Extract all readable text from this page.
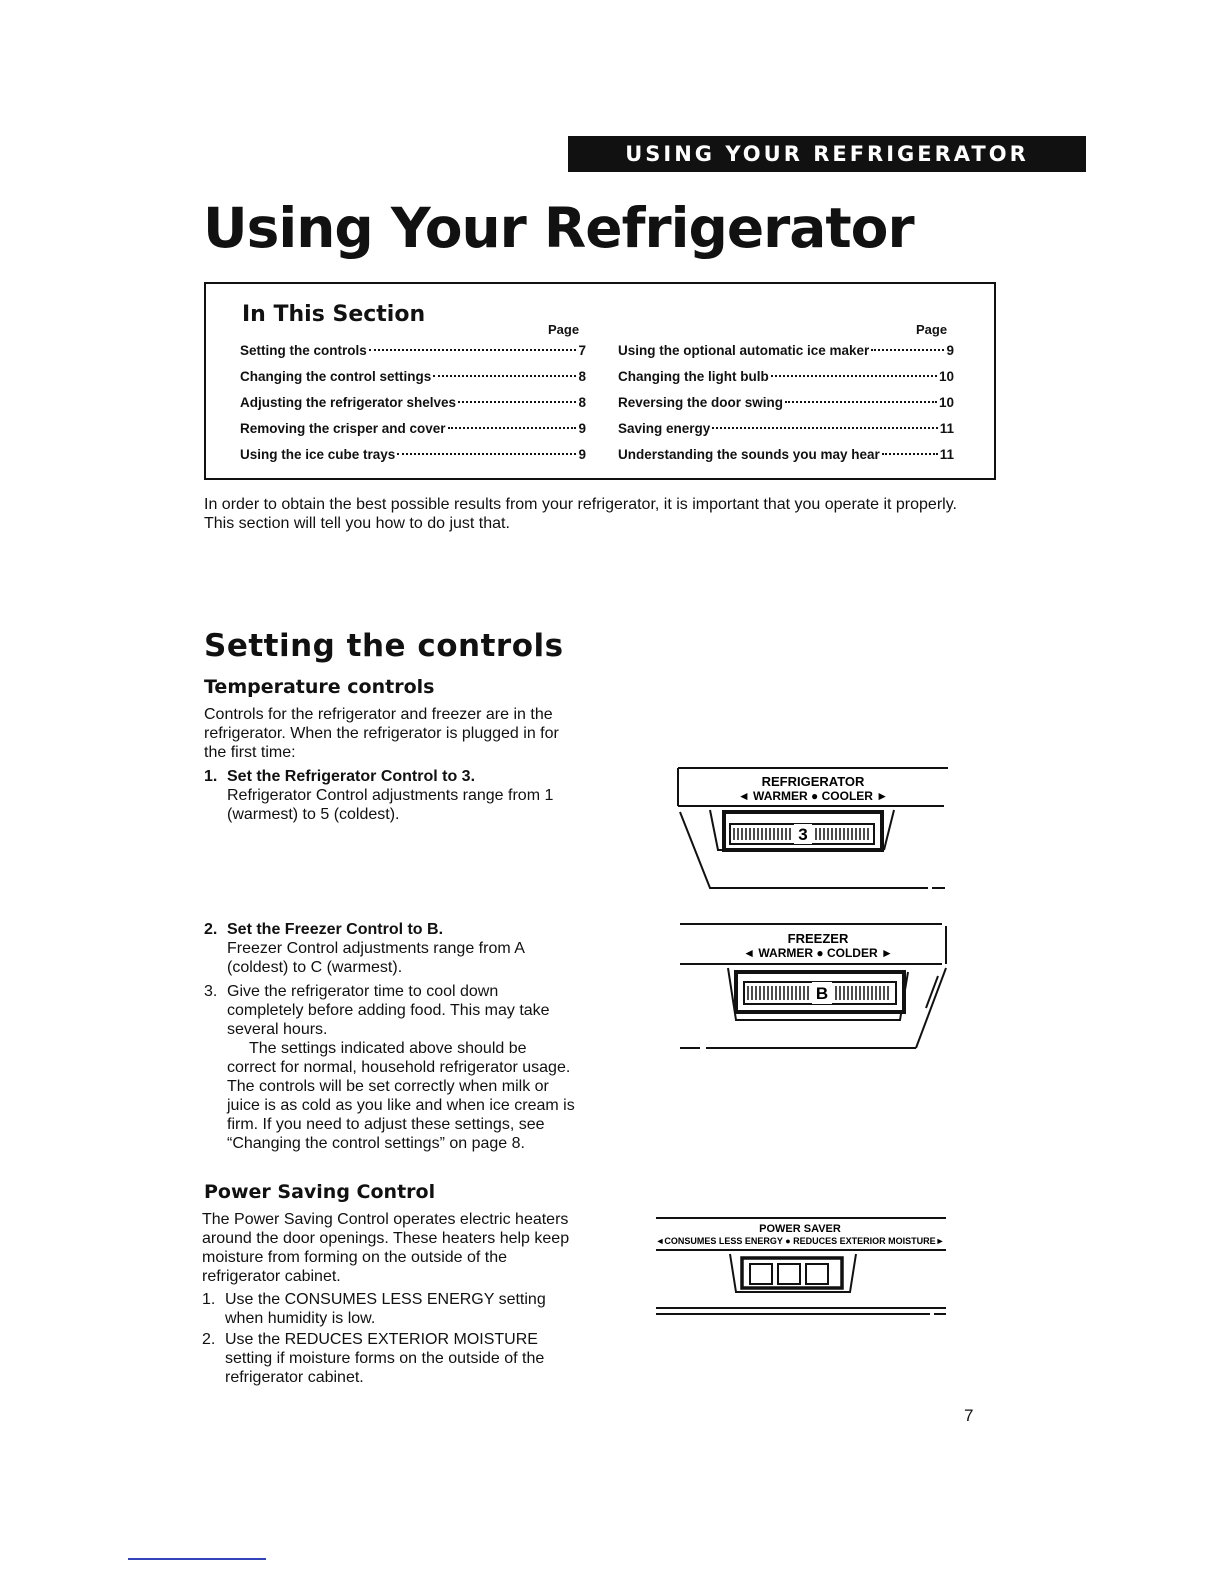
USING YOUR REFRIGERATOR
Using Your Refrigerator
In This Section
Page	Page
Setting the controls	7
Changing the control settings	8
Adjusting the refrigerator shelves	8
Removing the crisper and cover	9
Using the ice cube trays	9
Using the optional automatic ice maker	9
Changing the light bulb	10
Reversing the door swing	10
Saving energy	11
Understanding the sounds you may hear	11
In order to obtain the best possible results from your refrigerator, it is important that you operate it properly. This section will tell you how to do just that.
Setting the controls
Temperature controls
Controls for the refrigerator and freezer are in the refrigerator. When the refrigerator is plugged in for the first time:
1. Set the Refrigerator Control to 3.
Refrigerator Control adjustments range from 1 (warmest) to 5 (coldest).
2. Set the Freezer Control to B.
Freezer Control adjustments range from A (coldest) to C (warmest).
3. Give the refrigerator time to cool down completely before adding food. This may take several hours.
The settings indicated above should be correct for normal, household refrigerator usage. The controls will be set correctly when milk or juice is as cold as you like and when ice cream is firm. If you need to adjust these settings, see “Changing the control settings” on page 8.
Power Saving Control
The Power Saving Control operates electric heaters around the door openings. These heaters help keep moisture from forming on the outside of the refrigerator cabinet.
1. Use the CONSUMES LESS ENERGY setting when humidity is low.
2. Use the REDUCES EXTERIOR MOISTURE setting if moisture forms on the outside of the refrigerator cabinet.
REFRIGERATOR
◄ WARMER ● COOLER ►
3
FREEZER
◄ WARMER ● COLDER ►
B
POWER SAVER
◄CONSUMES LESS ENERGY ● REDUCES EXTERIOR MOISTURE►
7
